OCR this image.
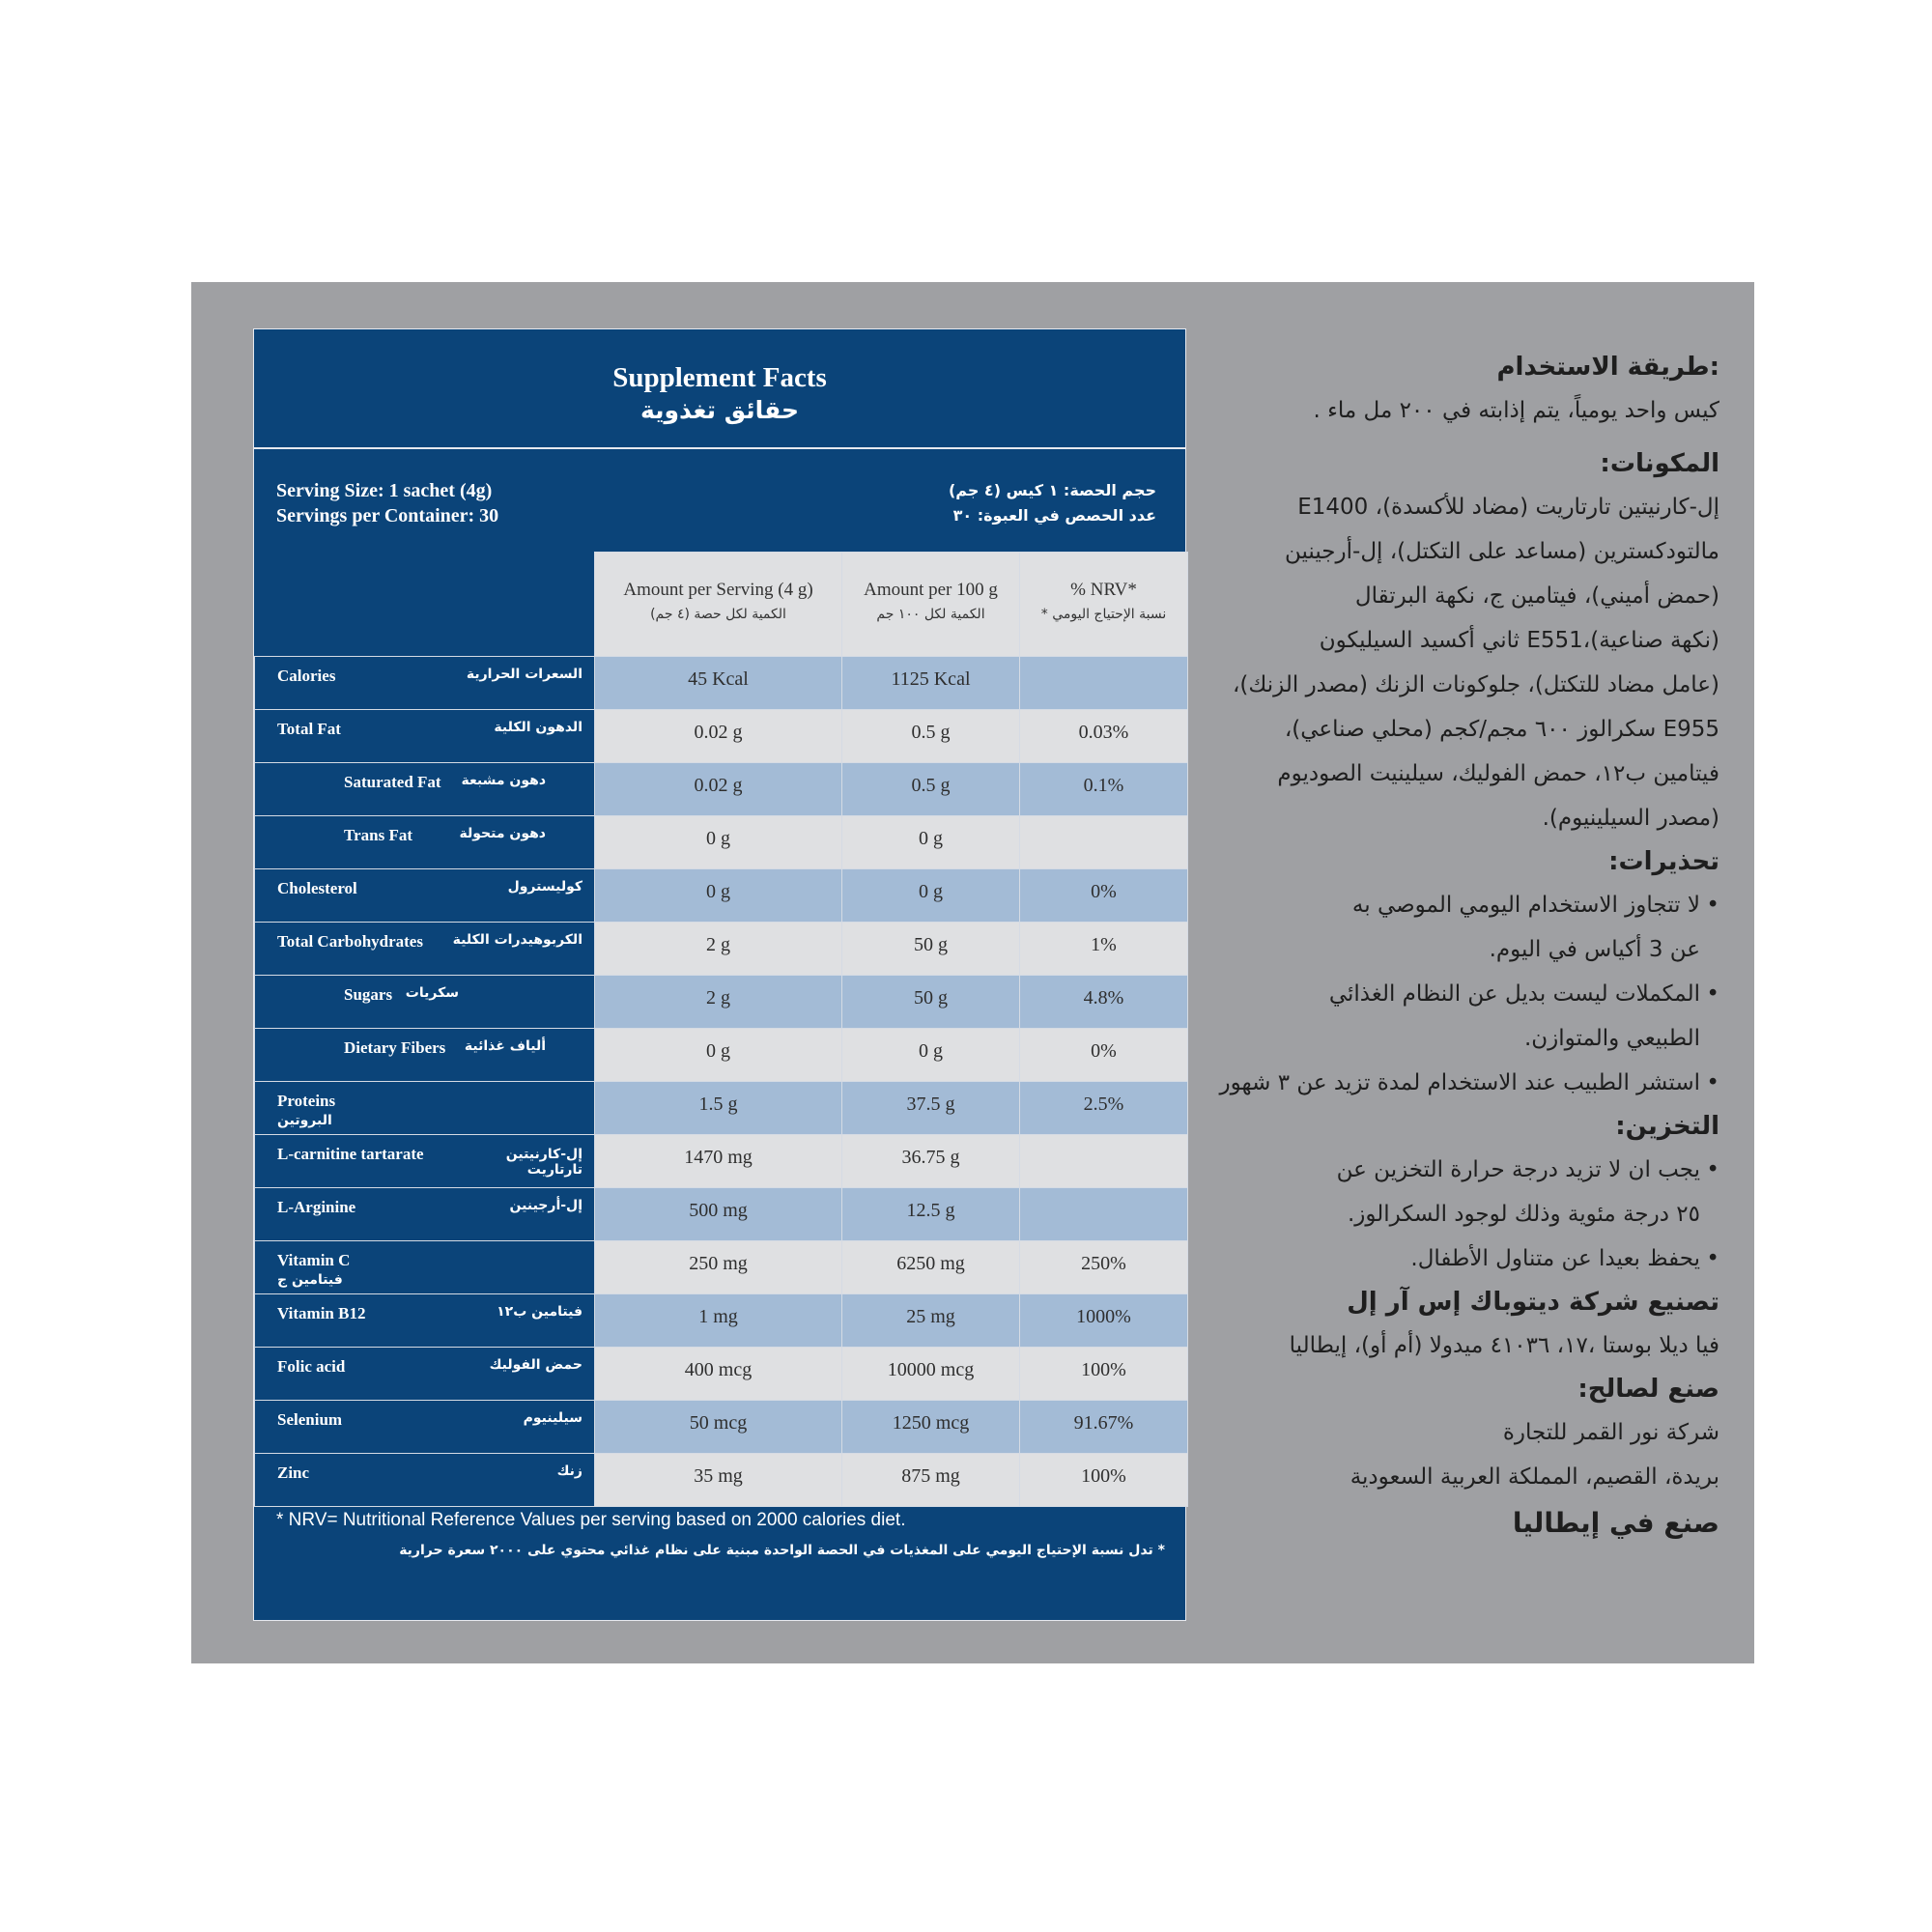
Supplement Facts
حقائق تغذوية
Serving Size: 1 sachet (4g)
Servings per Container: 30
حجم الحصة: ١ كيس (٤ جم)
عدد الحصص في العبوة: ٣٠
	Amount per Serving (4 g)
الكمية لكل حصة (٤ جم)	Amount per 100 g
الكمية لكل ١٠٠ جم	% NRV*
* نسبة الإحتياج اليومي

Calories السعرات الحرارية	45 Kcal	1125 Kcal	
Total Fat الدهون الكلية	0.02 g	0.5 g	0.03%
Saturated Fat دهون مشبعة	0.02 g	0.5 g	0.1%
Trans Fat دهون متحولة	0 g	0 g	
Cholesterol كوليسترول	0 g	0 g	0%
Total Carbohydrates الكربوهيدرات الكلية	2 g	50 g	1%
Sugars سكريات	2 g	50 g	4.8%
Dietary Fibers ألياف غذائية	0 g	0 g	0%
Proteins
البروتين	1.5 g	37.5 g	2.5%
L-carnitine tartarate إل-كارنيتين تارتاريت	1470 mg	36.75 g	
L-Arginine إل-أرجينين	500 mg	12.5 g	
Vitamin C
فيتامين ج	250 mg	6250 mg	250%
Vitamin B12 فيتامين ب١٢	1 mg	25 mg	1000%
Folic acid حمض الفوليك	400 mcg	10000 mcg	100%
Selenium سيلينيوم	50 mcg	1250 mcg	91.67%
Zinc زنك	35 mg	875 mg	100%
* NRV= Nutritional Reference Values per serving based on 2000 calories diet.
* تدل نسبة الإحتياج اليومي على المغذيات في الحصة الواحدة مبنية على نظام غذائي محتوي على ٢٠٠٠ سعرة حرارية
:طريقة الاستخدام
كيس واحد يومياً، يتم إذابته في ٢٠٠ مل ماء .
المكونات:
إل-كارنيتين تارتاريت (مضاد للأكسدة)، E1400
مالتودكسترين (مساعد على التكتل)، إل-أرجينين
(حمض أميني)، فيتامين ج، نكهة البرتقال
(نكهة صناعية)،E551 ثاني أكسيد السيليكون
(عامل مضاد للتكتل)، جلوكونات الزنك (مصدر الزنك)،
E955 سكرالوز ٦٠٠ مجم/كجم (محلي صناعي)،
فيتامين ب١٢، حمض الفوليك، سيلينيت الصوديوم
(مصدر السيلينيوم).
تحذيرات:
•لا تتجاوز الاستخدام اليومي الموصي به
عن 3 أكياس في اليوم.
•المكملات ليست بديل عن النظام الغذائي
الطبيعي والمتوازن.
•استشر الطبيب عند الاستخدام لمدة تزيد عن ٣ شهور
التخزين:
•يجب ان لا تزيد درجة حرارة التخزين عن
٢٥ درجة مئوية وذلك لوجود السكرالوز.
•يحفظ بعيدا عن متناول الأطفال.
تصنيع شركة ديتوباك إس آر إل
فيا ديلا بوستا ،١٧، ٤١٠٣٦ ميدولا (أم أو)، إيطاليا
صنع لصالح:
شركة نور القمر للتجارة
بريدة، القصيم، المملكة العربية السعودية
صنع في إيطاليا
